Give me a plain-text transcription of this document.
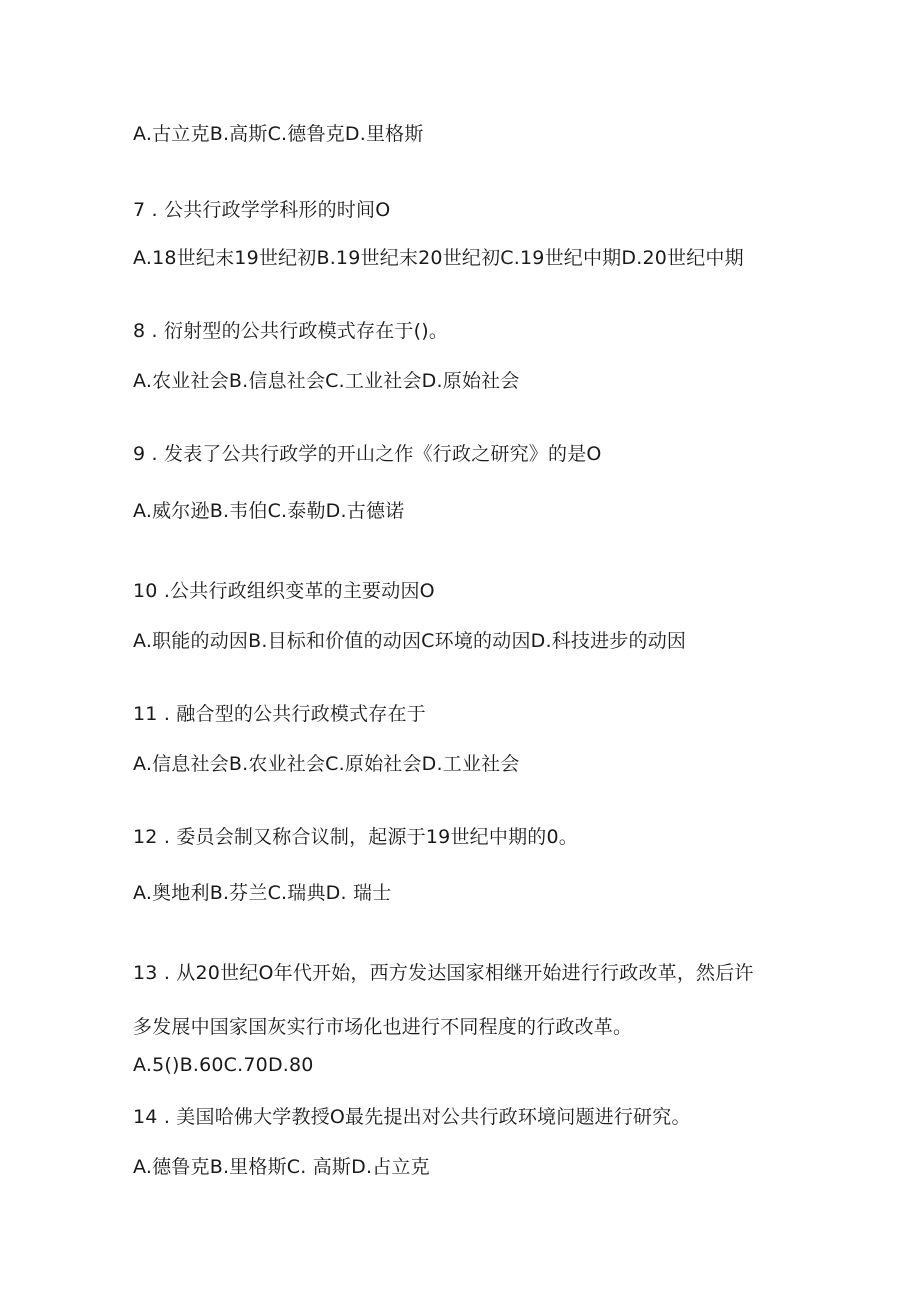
A.古立克B.高斯C.德鲁克D.里格斯
7 . 公共行政学学科形的时间O
A.18世纪末19世纪初B.19世纪末20世纪初C.19世纪中期D.20世纪中期
8 . 衍射型的公共行政模式存在于()。
A.农业社会B.信息社会C.工业社会D.原始社会
9 . 发表了公共行政学的开山之作《行政之研究》的是O
A.威尔逊B.韦伯C.泰勒D.古德诺
10 .公共行政组织变革的主要动因O
A.职能的动因B.目标和价值的动因C环境的动因D.科技进步的动因
11 . 融合型的公共行政模式存在于
A.信息社会B.农业社会C.原始社会D.工业社会
12 . 委员会制又称合议制，起源于19世纪中期的0。
A.奥地利B.芬兰C.瑞典D. 瑞士
13 . 从20世纪O年代开始，西方发达国家相继开始进行行政改革，然后许
多发展中国家国灰实行市场化也进行不同程度的行政改革。
A.5()B.60C.70D.80
14 . 美国哈佛大学教授O最先提出对公共行政环境问题进行研究。
A.德鲁克B.里格斯C. 高斯D.占立克
